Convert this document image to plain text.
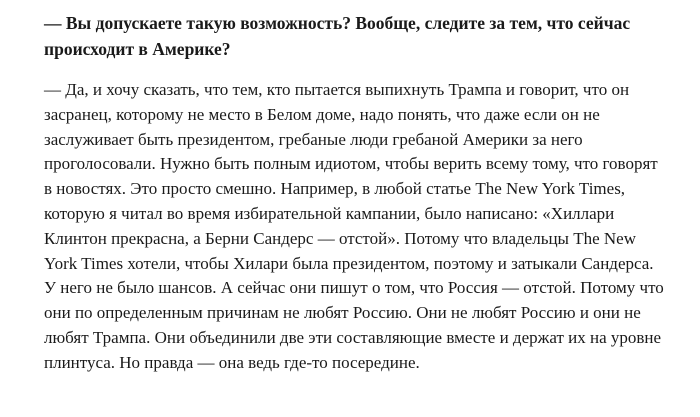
— Вы допускаете такую возможность? Вообще, следите за тем, что сейчас происходит в Америке?

— Да, и хочу сказать, что тем, кто пытается выпихнуть Трампа и говорит, что он засранец, которому не место в Белом доме, надо понять, что даже если он не заслуживает быть президентом, гребаные люди гребаной Америки за него проголосовали. Нужно быть полным идиотом, чтобы верить всему тому, что говорят в новостях. Это просто смешно. Например, в любой статье The New York Times, которую я читал во время избирательной кампании, было написано: «Хиллари Клинтон прекрасна, а Берни Сандерс — отстой». Потому что владельцы The New York Times хотели, чтобы Хилари была президентом, поэтому и затыкали Сандерса. У него не было шансов. А сейчас они пишут о том, что Россия — отстой. Потому что они по определенным причинам не любят Россию. Они не любят Россию и они не любят Трампа. Они объединили две эти составляющие вместе и держат их на уровне плинтуса. Но правда — она ведь где-то посередине.
